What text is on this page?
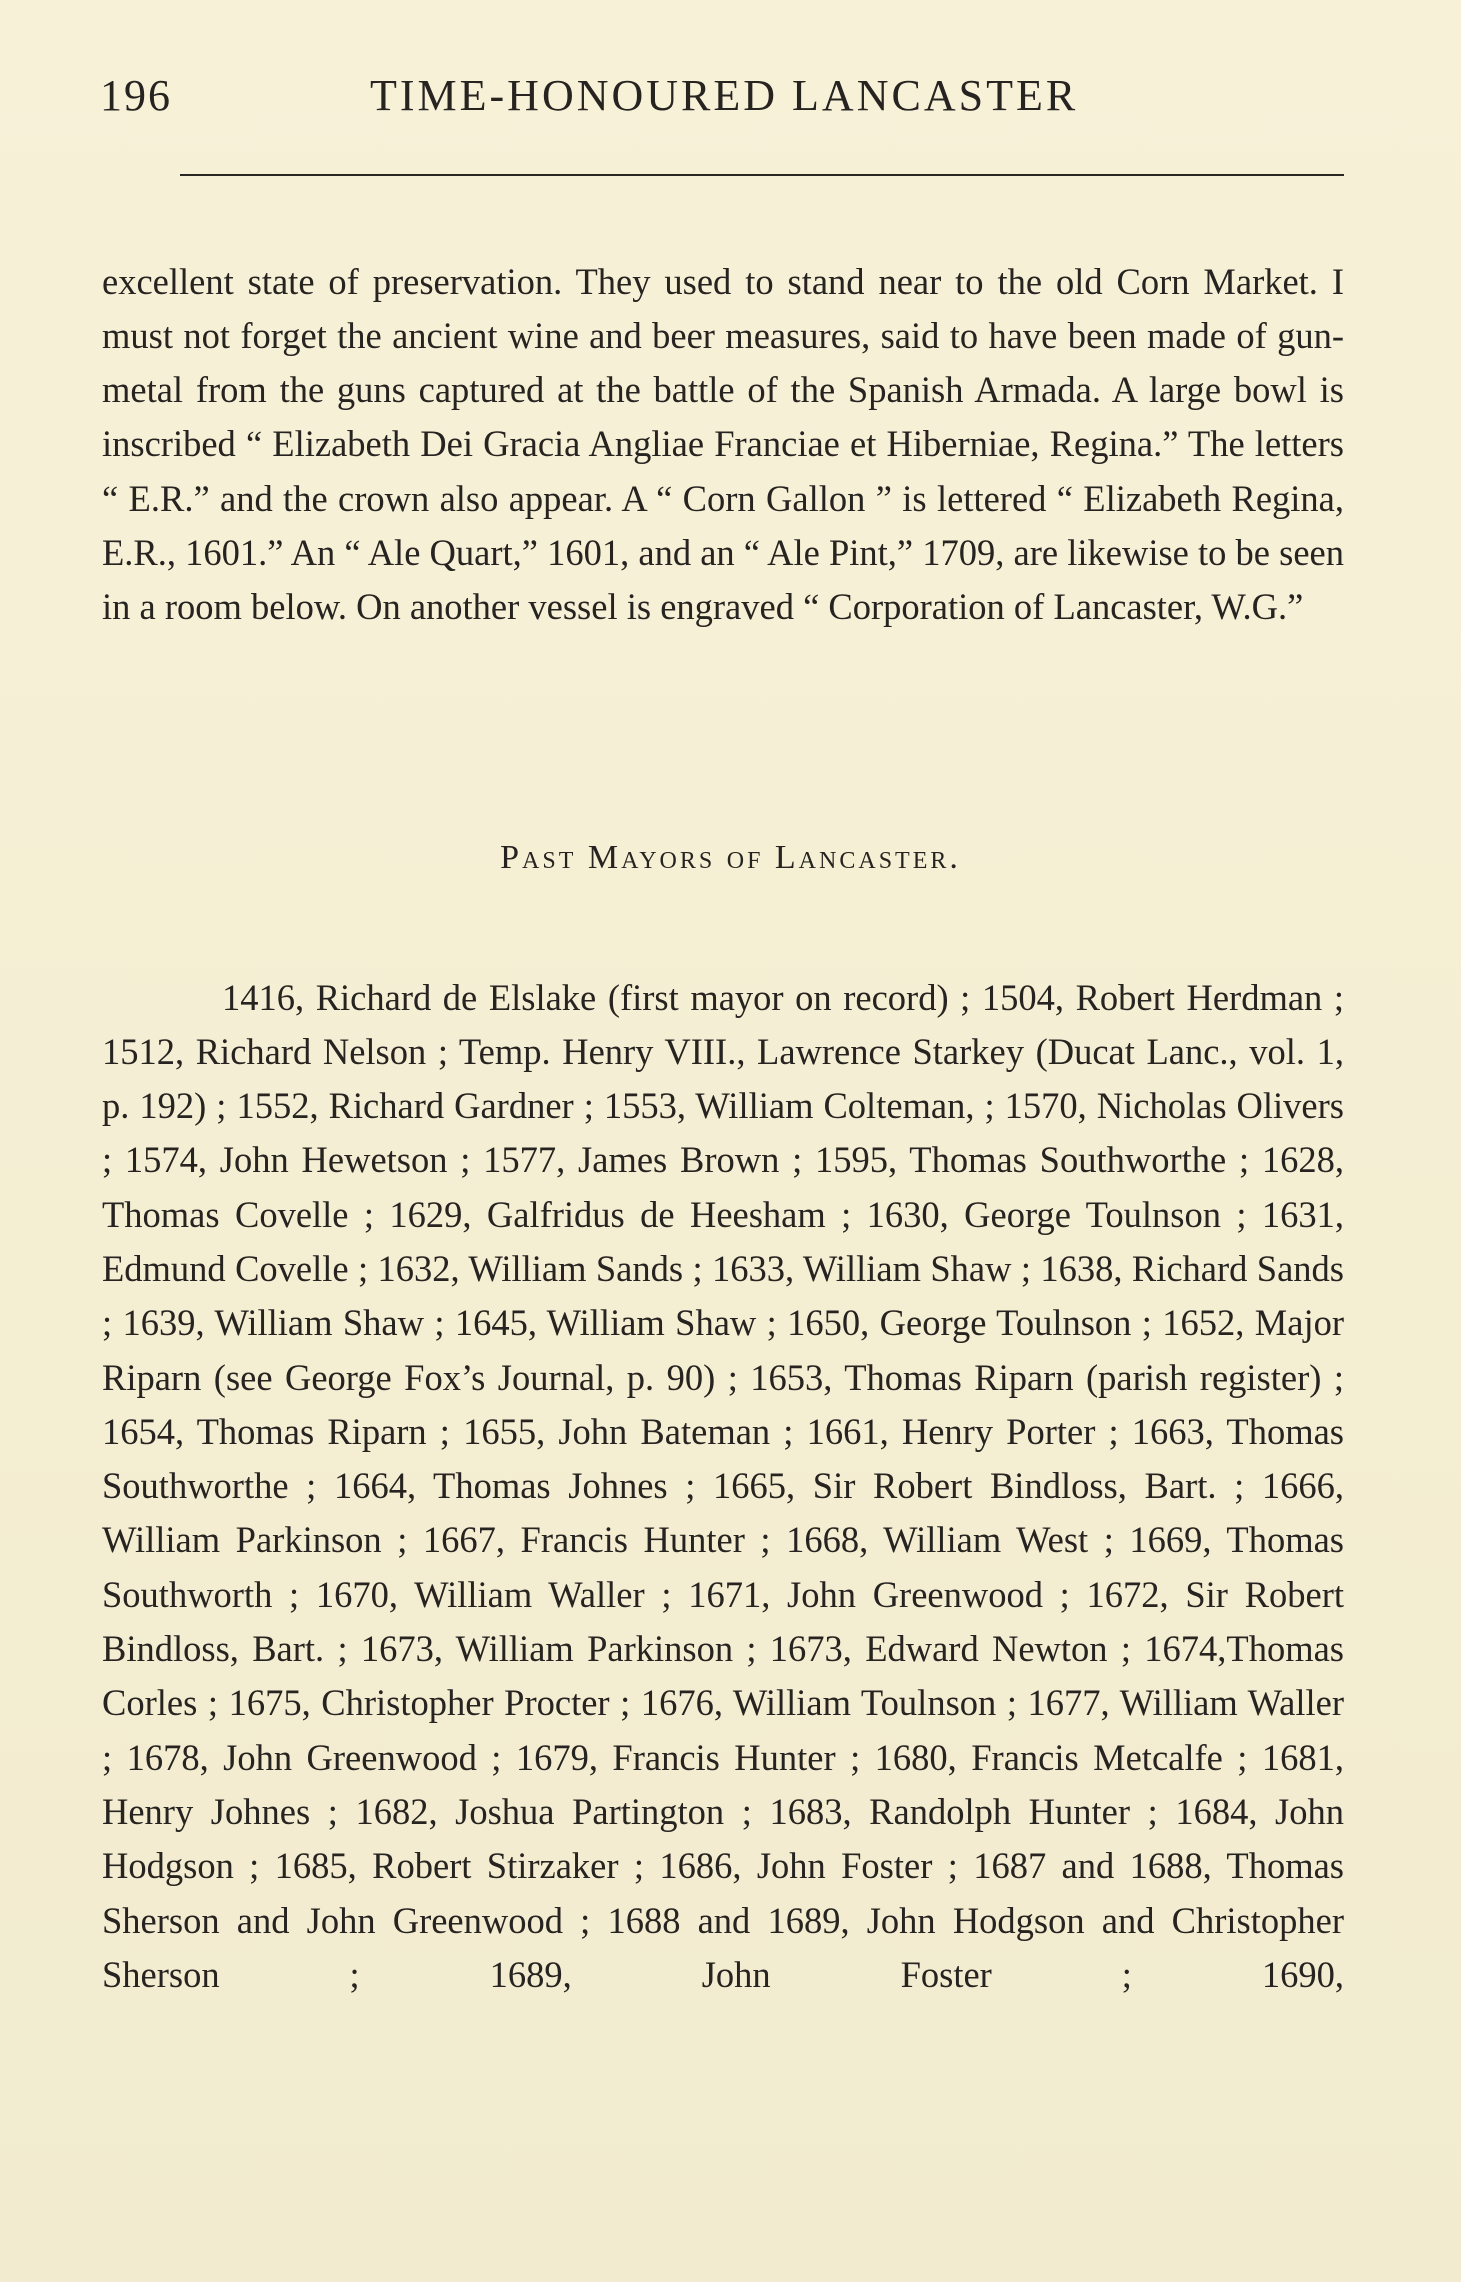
196	TIME-HONOURED LANCASTER

excellent state of preservation. They used to stand near to the old Corn Market. I must not forget the ancient wine and beer measures, said to have been made of gun-metal from the guns captured at the battle of the Spanish Armada. A large bowl is inscribed “ Elizabeth Dei Gracia Angliae Franciae et Hiberniae, Regina.” The letters “ E.R.” and the crown also appear. A “ Corn Gallon ” is lettered “ Elizabeth Regina, E.R., 1601.” An “ Ale Quart,” 1601, and an “ Ale Pint,” 1709, are likewise to be seen in a room below. On another vessel is engraved “ Corporation of Lancaster, W.G.”

Past Mayors of Lancaster.

1416, Richard de Elslake (first mayor on record) ; 1504, Robert Herdman ; 1512, Richard Nelson ; Temp. Henry VIII., Lawrence Starkey (Ducat Lanc., vol. 1, p. 192) ; 1552, Richard Gardner ; 1553, William Colteman, ; 1570, Nicholas Olivers ; 1574, John Hewetson ; 1577, James Brown ; 1595, Thomas Southworthe ; 1628, Thomas Covelle ; 1629, Galfridus de Heesham ; 1630, George Toulnson ; 1631, Edmund Covelle ; 1632, William Sands ; 1633, William Shaw ; 1638, Richard Sands ; 1639, William Shaw ; 1645, William Shaw ; 1650, George Toulnson ; 1652, Major Riparn (see George Fox’s Journal, p. 90) ; 1653, Thomas Riparn (parish register) ; 1654, Thomas Riparn ; 1655, John Bateman ; 1661, Henry Porter ; 1663, Thomas Southworthe ; 1664, Thomas Johnes ; 1665, Sir Robert Bindloss, Bart. ; 1666, William Parkinson ; 1667, Francis Hunter ; 1668, William West ; 1669, Thomas Southworth ; 1670, William Waller ; 1671, John Greenwood ; 1672, Sir Robert Bindloss, Bart. ; 1673, William Parkinson ; 1673, Edward Newton ; 1674,Thomas Corles ; 1675, Christopher Procter ; 1676, William Toulnson ; 1677, William Waller ; 1678, John Greenwood ; 1679, Francis Hunter ; 1680, Francis Metcalfe ; 1681, Henry Johnes ; 1682, Joshua Partington ; 1683, Randolph Hunter ; 1684, John Hodgson ; 1685, Robert Stirzaker ; 1686, John Foster ; 1687 and 1688, Thomas Sherson and John Greenwood ; 1688 and 1689, John Hodgson and Christopher Sherson ; 1689, John Foster ; 1690,
